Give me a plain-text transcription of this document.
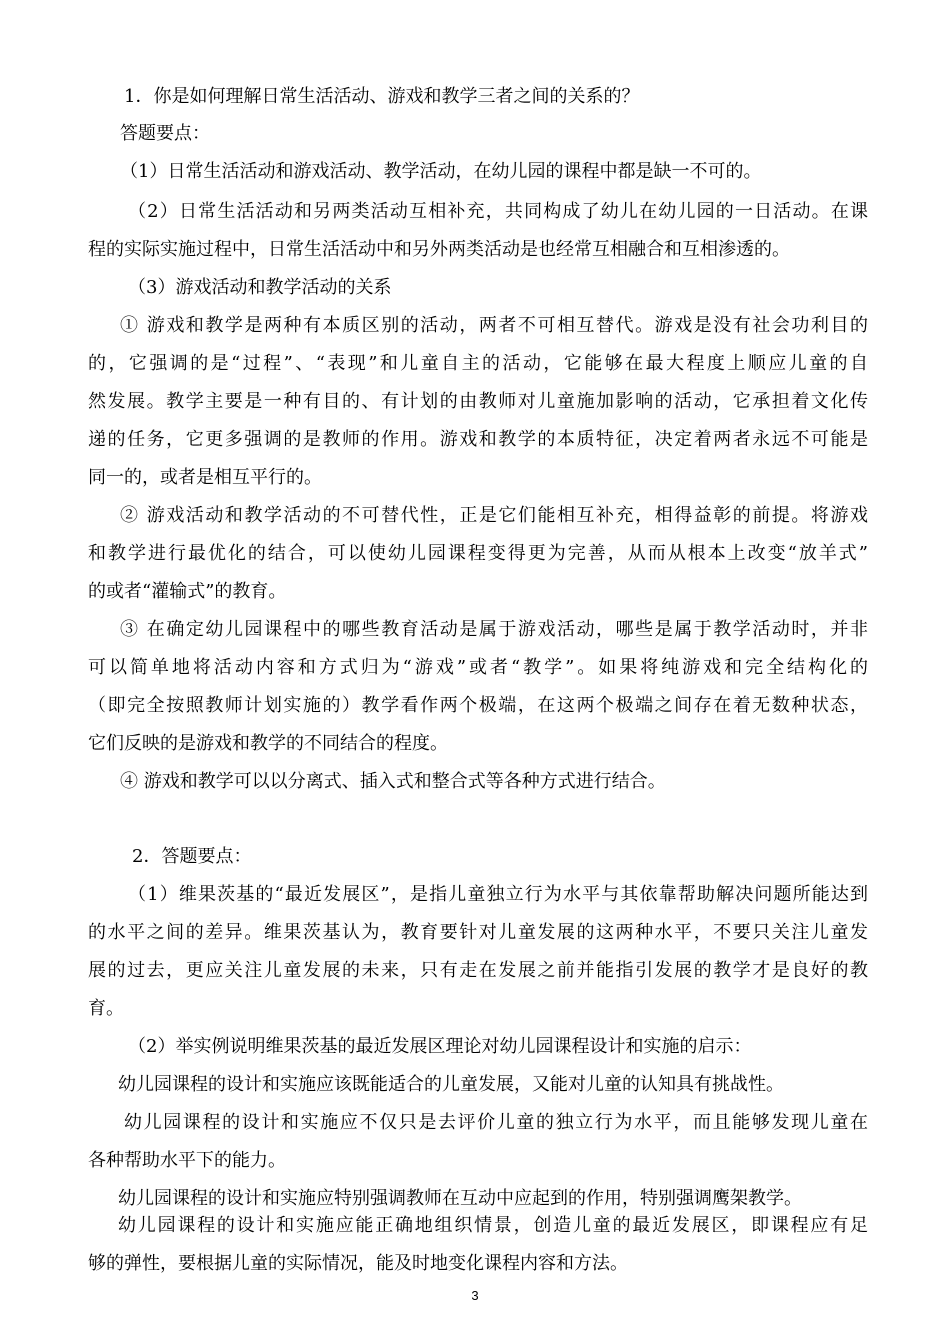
1．你是如何理解日常生活活动、游戏和教学三者之间的关系的？
答题要点：
（1）日常生活活动和游戏活动、教学活动，在幼儿园的课程中都是缺一不可的。
（2）日常生活活动和另两类活动互相补充，共同构成了幼儿在幼儿园的一日活动。在课
程的实际实施过程中，日常生活活动中和另外两类活动是也经常互相融合和互相渗透的。
（3）游戏活动和教学活动的关系
① 游戏和教学是两种有本质区别的活动，两者不可相互替代。游戏是没有社会功利目的
的，它强调的是“过程”、“表现”和儿童自主的活动，它能够在最大程度上顺应儿童的自
然发展。教学主要是一种有目的、有计划的由教师对儿童施加影响的活动，它承担着文化传
递的任务，它更多强调的是教师的作用。游戏和教学的本质特征，决定着两者永远不可能是
同一的，或者是相互平行的。
② 游戏活动和教学活动的不可替代性，正是它们能相互补充，相得益彰的前提。将游戏
和教学进行最优化的结合，可以使幼儿园课程变得更为完善，从而从根本上改变“放羊式”
的或者“灌输式”的教育。
③ 在确定幼儿园课程中的哪些教育活动是属于游戏活动，哪些是属于教学活动时，并非
可以简单地将活动内容和方式归为“游戏”或者“教学”。如果将纯游戏和完全结构化的
（即完全按照教师计划实施的）教学看作两个极端，在这两个极端之间存在着无数种状态，
它们反映的是游戏和教学的不同结合的程度。
④ 游戏和教学可以以分离式、插入式和整合式等各种方式进行结合。
2．答题要点：
（1）维果茨基的“最近发展区”，是指儿童独立行为水平与其依靠帮助解决问题所能达到
的水平之间的差异。维果茨基认为，教育要针对儿童发展的这两种水平，不要只关注儿童发
展的过去，更应关注儿童发展的未来，只有走在发展之前并能指引发展的教学才是良好的教
育。
（2）举实例说明维果茨基的最近发展区理论对幼儿园课程设计和实施的启示：
幼儿园课程的设计和实施应该既能适合的儿童发展，又能对儿童的认知具有挑战性。
幼儿园课程的设计和实施应不仅只是去评价儿童的独立行为水平，而且能够发现儿童在
各种帮助水平下的能力。
幼儿园课程的设计和实施应特别强调教师在互动中应起到的作用，特别强调鹰架教学。
幼儿园课程的设计和实施应能正确地组织情景，创造儿童的最近发展区，即课程应有足
够的弹性，要根据儿童的实际情况，能及时地变化课程内容和方法。
3
